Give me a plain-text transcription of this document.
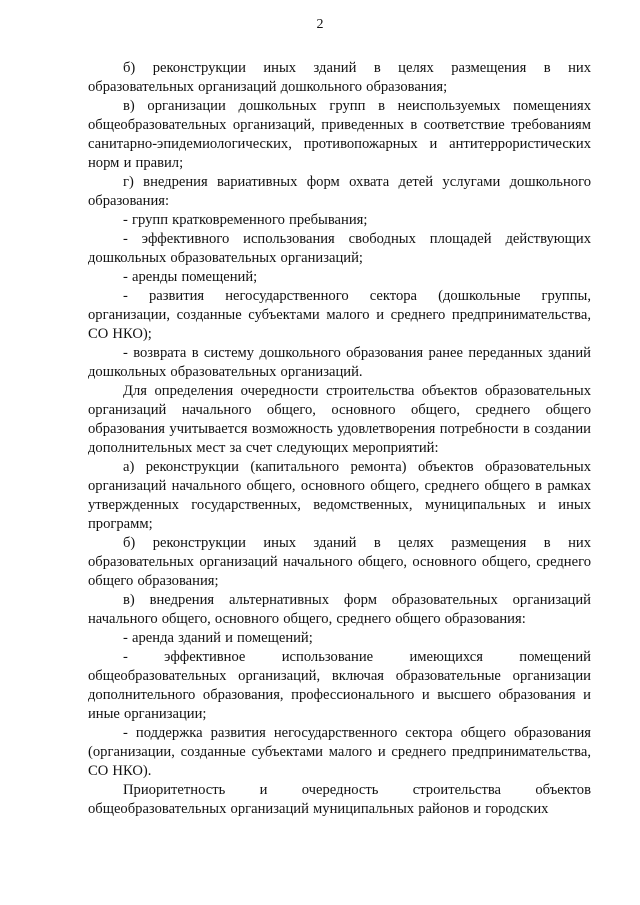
2

б) реконструкции иных зданий в целях размещения в них образовательных организаций дошкольного образования;

в) организации дошкольных групп в неиспользуемых помещениях общеобразовательных организаций, приведенных в соответствие требованиям санитарно-эпидемиологических, противопожарных и антитеррористических норм и правил;

г) внедрения вариативных форм охвата детей услугами дошкольного образования:

- групп кратковременного пребывания;

- эффективного использования свободных площадей действующих дошкольных образовательных организаций;

- аренды помещений;

- развития негосударственного сектора (дошкольные группы, организации, созданные субъектами малого и среднего предпринимательства, СО НКО);

- возврата в систему дошкольного образования ранее переданных зданий дошкольных образовательных организаций.

Для определения очередности строительства объектов образовательных организаций начального общего, основного общего, среднего общего образования учитывается возможность удовлетворения потребности в создании дополнительных мест за счет следующих мероприятий:

а) реконструкции (капитального ремонта) объектов образовательных организаций начального общего, основного общего, среднего общего в рамках утвержденных государственных, ведомственных, муниципальных и иных программ;

б) реконструкции иных зданий в целях размещения в них образовательных организаций начального общего, основного общего, среднего общего образования;

в) внедрения альтернативных форм образовательных организаций начального общего, основного общего, среднего общего образования:

- аренда зданий и помещений;

- эффективное использование имеющихся помещений общеобразовательных организаций, включая образовательные организации дополнительного образования, профессионального и высшего образования и иные организации;

- поддержка развития негосударственного сектора общего образования (организации, созданные субъектами малого и среднего предпринимательства, СО НКО).

Приоритетность и очередность строительства объектов общеобразовательных организаций муниципальных районов и городских
